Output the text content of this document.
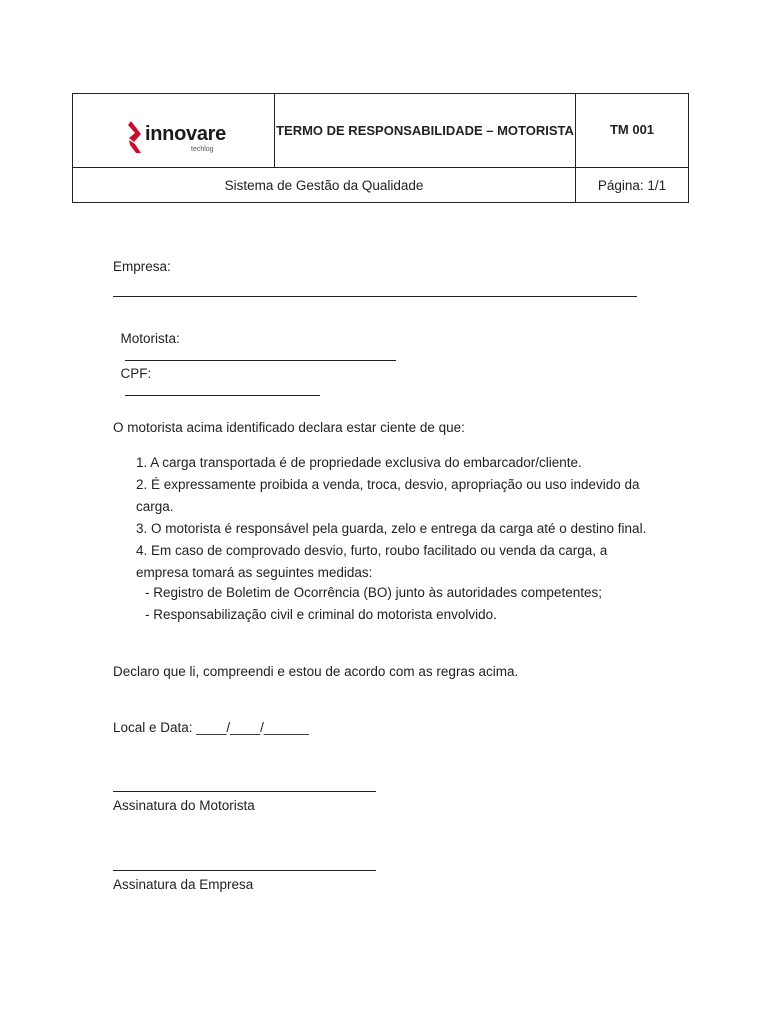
innovare
techlog	TERMO DE RESPONSABILIDADE – MOTORISTA	TM 001
Sistema de Gestão da Qualidade		Página: 1/1
Empresa:

Motorista:

CPF:

O motorista acima identificado declara estar ciente de que:
1. A carga transportada é de propriedade exclusiva do embarcador/cliente.
2. É expressamente proibida a venda, troca, desvio, apropriação ou uso indevido da carga.
3. O motorista é responsável pela guarda, zelo e entrega da carga até o destino final.
4. Em caso de comprovado desvio, furto, roubo facilitado ou venda da carga, a empresa tomará as seguintes medidas:
- Registro de Boletim de Ocorrência (BO) junto às autoridades competentes;
- Responsabilização civil e criminal do motorista envolvido.
Declaro que li, compreendi e estou de acordo com as regras acima.
Local e Data: ____/____/______
Assinatura do Motorista
Assinatura da Empresa
